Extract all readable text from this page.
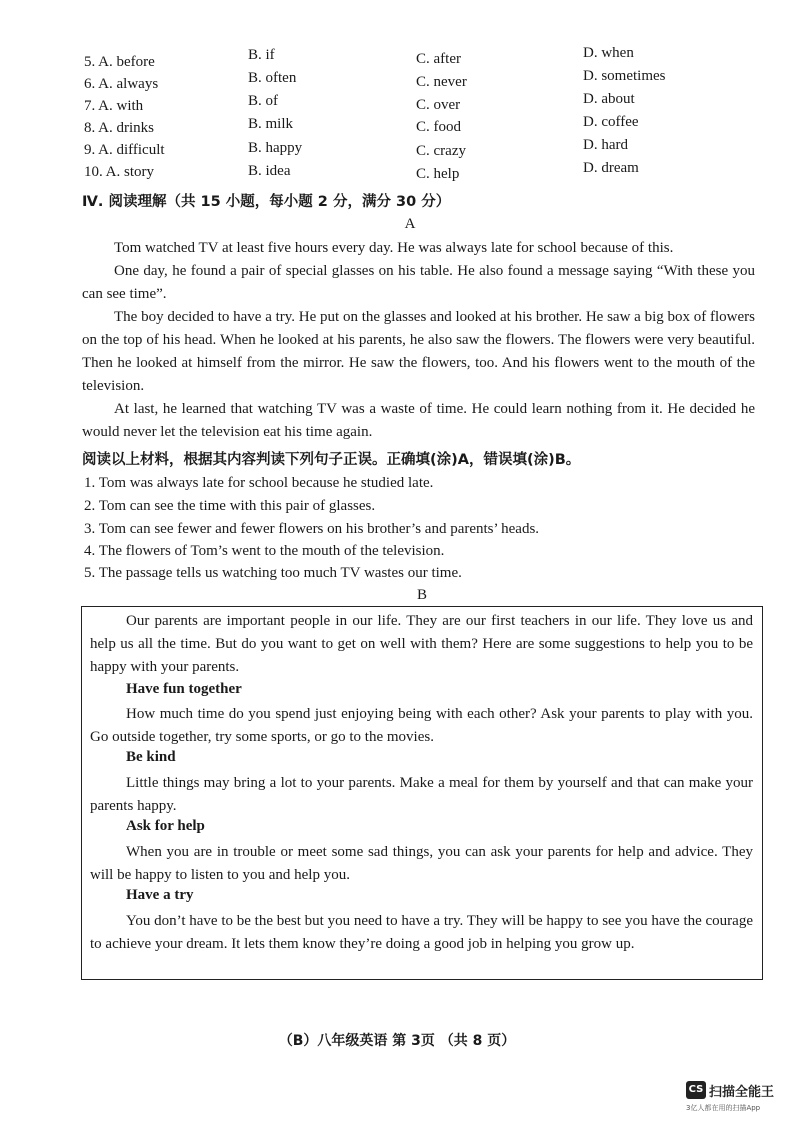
5. A. before	B. if	C. after	D. when
6. A. always	B. often	C. never	D. sometimes
7. A. with	B. of	C. over	D. about
8. A. drinks	B. milk	C. food	D. coffee
9. A. difficult	B. happy	C. crazy	D. hard
10. A. story	B. idea	C. help	D. dream
Ⅳ. 阅读理解（共 15 小题，每小题 2 分，满分 30 分）
A

Tom watched TV at least five hours every day. He was always late for school because of this.

One day, he found a pair of special glasses on his table. He also found a message saying “With these you can see time”.

The boy decided to have a try. He put on the glasses and looked at his brother. He saw a big box of flowers on the top of his head. When he looked at his parents, he also saw the flowers. The flowers were very beautiful. Then he looked at himself from the mirror. He saw the flowers, too. And his flowers went to the mouth of the television.

At last, he learned that watching TV was a waste of time. He could learn nothing from it. He decided he would never let the television eat his time again.

阅读以上材料，根据其内容判读下列句子正误。正确填(涂)A，错误填(涂)B。
1. Tom was always late for school because he studied late.
2. Tom can see the time with this pair of glasses.
3. Tom can see fewer and fewer flowers on his brother’s and parents’ heads.
4. The flowers of Tom’s went to the mouth of the television.
5. The passage tells us watching too much TV wastes our time.
B

Our parents are important people in our life. They are our first teachers in our life. They love us and help us all the time. But do you want to get on well with them? Here are some suggestions to help you to be happy with your parents.

Have fun together

How much time do you spend just enjoying being with each other? Ask your parents to play with you. Go outside together, try some sports, or go to the movies.

Be kind

Little things may bring a lot to your parents. Make a meal for them by yourself and that can make your parents happy.

Ask for help

When you are in trouble or meet some sad things, you can ask your parents for help and advice. They will be happy to listen to you and help you.

Have a try

You don’t have to be the best but you need to have a try. They will be happy to see you have the courage to achieve your dream. It lets them know they’re doing a good job in helping you grow up.

（B）八年级英语 第 3页 （共 8 页）
CS 扫描全能王
3亿人都在用的扫描App
